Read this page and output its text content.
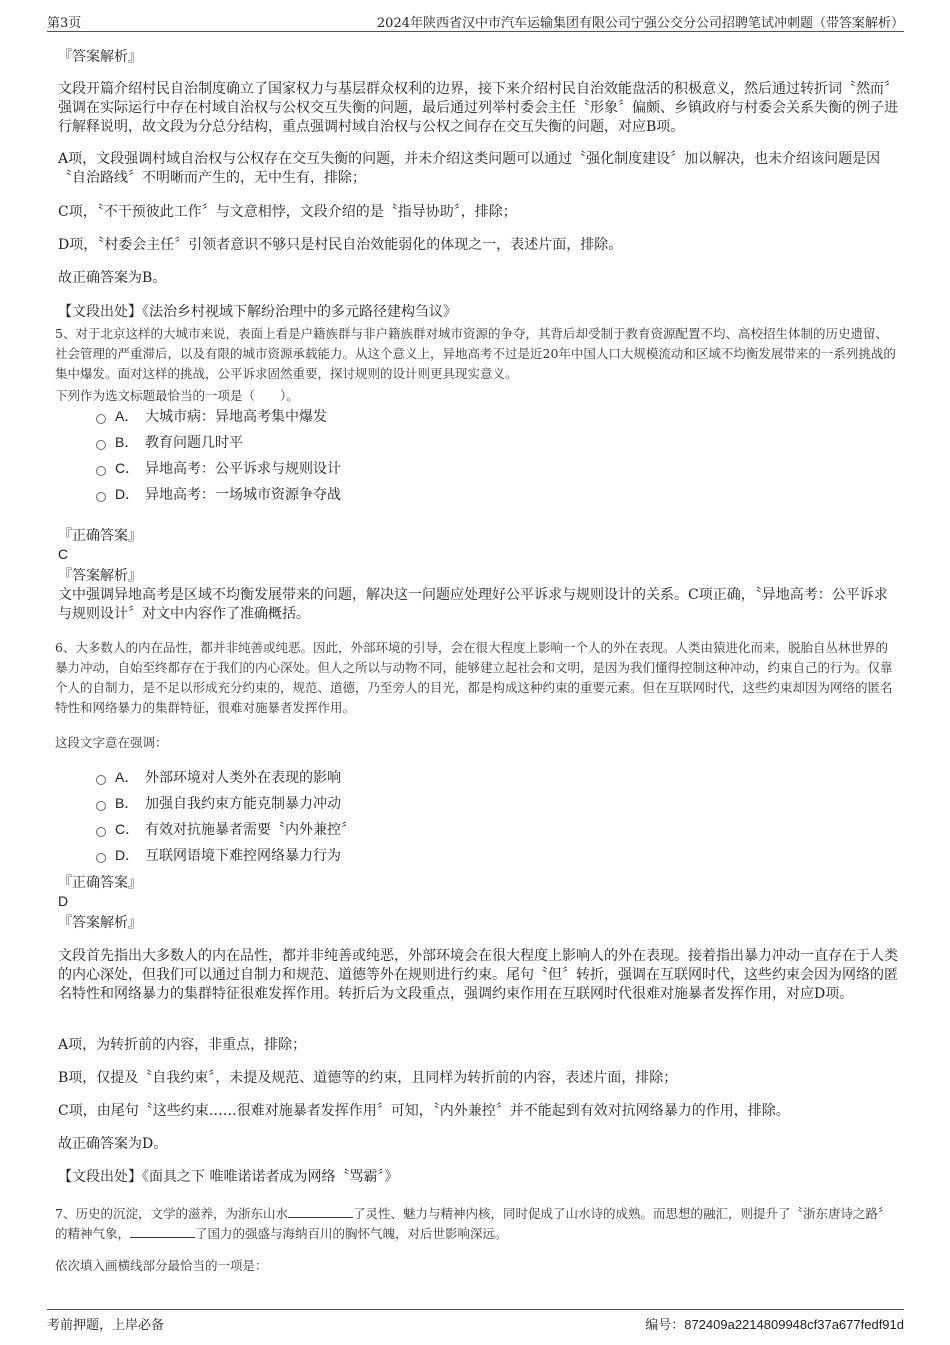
第3页	2024年陕西省汉中市汽车运输集团有限公司宁强公交分公司招聘笔试冲刺题（带答案解析）
『答案解析』
文段开篇介绍村民自治制度确立了国家权力与基层群众权利的边界，接下来介绍村民自治效能盘活的积极意义，然后通过转折词〝然而〞强调在实际运行中存在村域自治权与公权交互失衡的问题，最后通过列举村委会主任〝形象〞偏颇、乡镇政府与村委会关系失衡的例子进行解释说明，故文段为分总分结构，重点强调村域自治权与公权之间存在交互失衡的问题，对应B项。
A项，文段强调村域自治权与公权存在交互失衡的问题，并未介绍这类问题可以通过〝强化制度建设〞加以解决，也未介绍该问题是因〝自治路线〞不明晰而产生的，无中生有，排除；
C项，〝不干预彼此工作〞与文意相悖，文段介绍的是〝指导协助〞，排除；
D项，〝村委会主任〞引领者意识不够只是村民自治效能弱化的体现之一，表述片面，排除。
故正确答案为B。
【文段出处】《法治乡村视域下解纷治理中的多元路径建构刍议》
5、对于北京这样的大城市来说，表面上看是户籍族群与非户籍族群对城市资源的争夺，其背后却受制于教育资源配置不均、高校招生体制的历史遗留、社会管理的严重滞后，以及有限的城市资源承载能力。从这个意义上，异地高考不过是近20年中国人口大规模流动和区域不均衡发展带来的一系列挑战的集中爆发。面对这样的挑战，公平诉求固然重要，探讨规则的设计则更具现实意义。
下列作为选文标题最恰当的一项是（　　）。
A． 大城市病：异地高考集中爆发
B． 教育问题几时平
C． 异地高考：公平诉求与规则设计
D． 异地高考：一场城市资源争夺战
『正确答案』
C
『答案解析』
文中强调异地高考是区域不均衡发展带来的问题，解决这一问题应处理好公平诉求与规则设计的关系。C项正确，〝异地高考：公平诉求与规则设计〞对文中内容作了准确概括。
6、大多数人的内在品性，都并非纯善或纯恶。因此，外部环境的引导，会在很大程度上影响一个人的外在表现。人类由猿进化而来，脱胎自丛林世界的暴力冲动，自始至终都存在于我们的内心深处。但人之所以与动物不同，能够建立起社会和文明，是因为我们懂得控制这种冲动，约束自己的行为。仅靠个人的自制力，是不足以形成充分约束的，规范、道德，乃至旁人的目光，都是构成这种约束的重要元素。但在互联网时代，这些约束却因为网络的匿名特性和网络暴力的集群特征，很难对施暴者发挥作用。
这段文字意在强调：
A． 外部环境对人类外在表现的影响
B． 加强自我约束方能克制暴力冲动
C． 有效对抗施暴者需要〝内外兼控〞
D． 互联网语境下难控网络暴力行为
『正确答案』
D
『答案解析』
文段首先指出大多数人的内在品性，都并非纯善或纯恶，外部环境会在很大程度上影响人的外在表现。接着指出暴力冲动一直存在于人类的内心深处，但我们可以通过自制力和规范、道德等外在规则进行约束。尾句〝但〞转折，强调在互联网时代，这些约束会因为网络的匿名特性和网络暴力的集群特征很难发挥作用。转折后为文段重点，强调约束作用在互联网时代很难对施暴者发挥作用，对应D项。
A项，为转折前的内容，非重点，排除；
B项，仅提及〝自我约束〞，未提及规范、道德等的约束，且同样为转折前的内容，表述片面，排除；
C项，由尾句〝这些约束……很难对施暴者发挥作用〞可知，〝内外兼控〞并不能起到有效对抗网络暴力的作用，排除。
故正确答案为D。
【文段出处】《面具之下 唯唯诺诺者成为网络〝骂霸〞》
7、历史的沉淀，文学的滋养，为浙东山水	了灵性、魅力与精神内核，同时促成了山水诗的成熟。而思想的融汇，则提升了〝浙东唐诗之路〞的精神气象，	了国力的强盛与海纳百川的胸怀气魄，对后世影响深远。
依次填入画横线部分最恰当的一项是：
考前押题，上岸必备	编号：872409a2214809948cf37a677fedf91d
